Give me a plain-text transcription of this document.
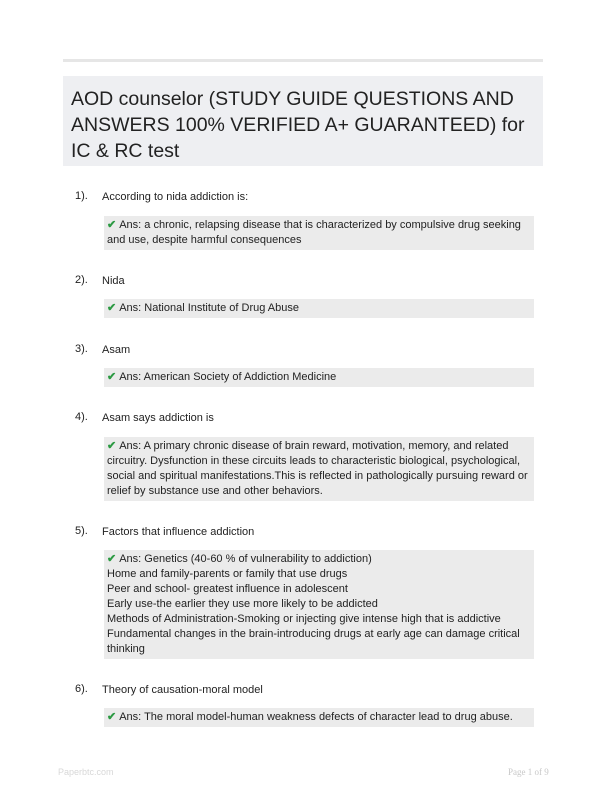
AOD counselor (STUDY GUIDE QUESTIONS AND ANSWERS 100% VERIFIED A+ GUARANTEED) for IC & RC test
1). According to nida addiction is:

✔ Ans: a chronic, relapsing disease that is characterized by compulsive drug seeking and use, despite harmful consequences

2). Nida

✔ Ans: National Institute of Drug Abuse

3). Asam

✔ Ans: American Society of Addiction Medicine

4). Asam says addiction is

✔ Ans: A primary chronic disease of brain reward, motivation, memory, and related circuitry. Dysfunction in these circuits leads to characteristic biological, psychological, social and spiritual manifestations.This is reflected in pathologically pursuing reward or relief by substance use and other behaviors.

5). Factors that influence addiction

✔ Ans: Genetics (40-60 % of vulnerability to addiction)

Home and family-parents or family that use drugs

Peer and school- greatest influence in adolescent

Early use-the earlier they use more likely to be addicted

Methods of Administration-Smoking or injecting give intense high that is addictive

Fundamental changes in the brain-introducing drugs at early age can damage critical thinking

6). Theory of causation-moral model

✔ Ans: The moral model-human weakness defects of character lead to drug abuse.

Paperbtc.com	Page 1 of 9
